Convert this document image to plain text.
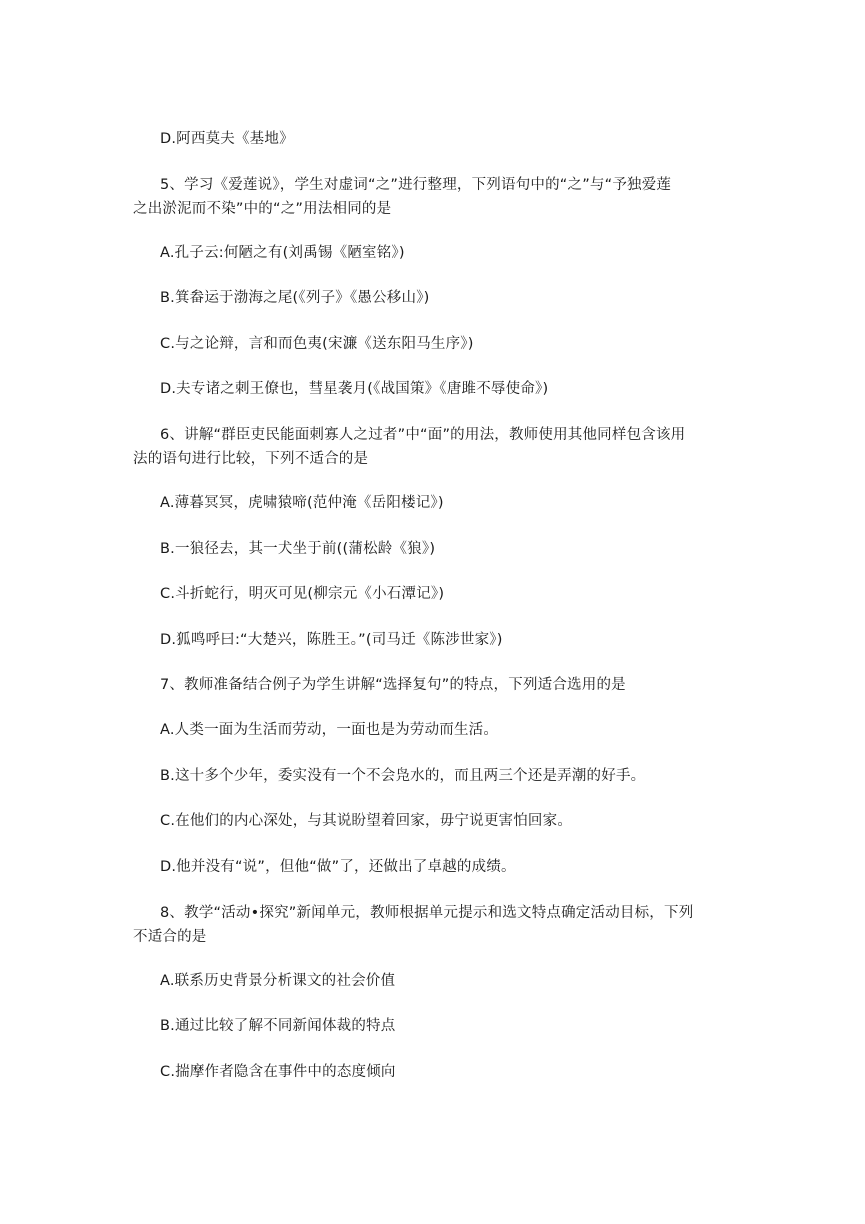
D.阿西莫夫《基地》
5、学习《爱莲说》，学生对虚词“之”进行整理，下列语句中的“之”与“予独爱莲
之出淤泥而不染”中的“之”用法相同的是
A.孔子云:何陋之有(刘禹锡《陋室铭》)
B.箕畚运于渤海之尾(《列子》《愚公移山》)
C.与之论辩，言和而色夷(宋濂《送东阳马生序》)
D.夫专诸之刺王僚也，彗星袭月(《战国策》《唐雎不辱使命》)
6、讲解“群臣吏民能面刺寡人之过者”中“面”的用法，教师使用其他同样包含该用
法的语句进行比较，下列不适合的是
A.薄暮冥冥，虎啸猿啼(范仲淹《岳阳楼记》)
B.一狼径去，其一犬坐于前((蒲松龄《狼》)
C.斗折蛇行，明灭可见(柳宗元《小石潭记》)
D.狐鸣呼曰:“大楚兴，陈胜王。”(司马迁《陈涉世家》)
7、教师准备结合例子为学生讲解“选择复句”的特点，下列适合选用的是
A.人类一面为生活而劳动，一面也是为劳动而生活。
B.这十多个少年，委实没有一个不会凫水的，而且两三个还是弄潮的好手。
C.在他们的内心深处，与其说盼望着回家，毋宁说更害怕回家。
D.他并没有“说”，但他“做”了，还做出了卓越的成绩。
8、教学“活动•探究”新闻单元，教师根据单元提示和选文特点确定活动目标，下列
不适合的是
A.联系历史背景分析课文的社会价值
B.通过比较了解不同新闻体裁的特点
C.揣摩作者隐含在事件中的态度倾向
